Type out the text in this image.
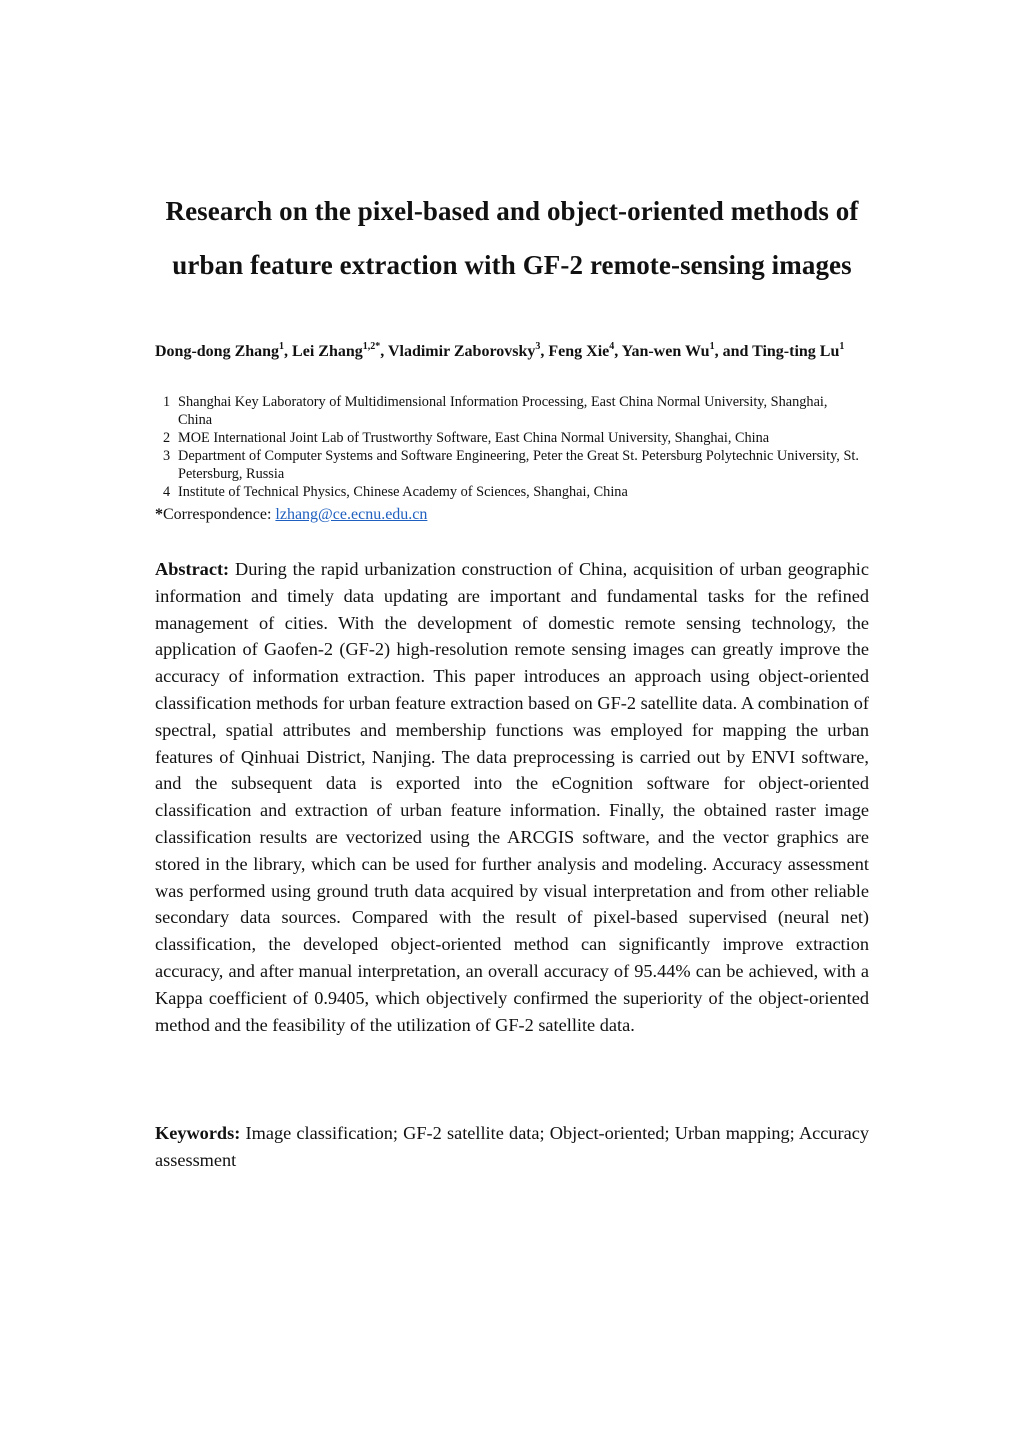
Research on the pixel-based and object-oriented methods of
urban feature extraction with GF-2 remote-sensing images
Dong-dong Zhang$^1$, Lei Zhang$^{1,2*}$, Vladimir Zaborovsky$^3$, Feng Xie$^4$, Yan-wen Wu$^1$, and Ting-ting Lu$^1$

1 Shanghai Key Laboratory of Multidimensional Information Processing, East China Normal University, Shanghai, China

2 MOE International Joint Lab of Trustworthy Software, East China Normal University, Shanghai, China

3 Department of Computer Systems and Software Engineering, Peter the Great St. Petersburg Polytechnic University, St. Petersburg, Russia

4 Institute of Technical Physics, Chinese Academy of Sciences, Shanghai, China

*Correspondence: lzhang@ce.ecnu.edu.cn

Abstract: During the rapid urbanization construction of China, acquisition of urban geographic information and timely data updating are important and fundamental tasks for the refined management of cities. With the development of domestic remote sensing technology, the application of Gaofen-2 (GF-2) high-resolution remote sensing images can greatly improve the accuracy of information extraction. This paper introduces an approach using object-oriented classification methods for urban feature extraction based on GF-2 satellite data. A combination of spectral, spatial attributes and membership functions was employed for mapping the urban features of Qinhuai District, Nanjing. The data preprocessing is carried out by ENVI software, and the subsequent data is exported into the eCognition software for object-oriented classification and extraction of urban feature information. Finally, the obtained raster image classification results are vectorized using the ARCGIS software, and the vector graphics are stored in the library, which can be used for further analysis and modeling. Accuracy assessment was performed using ground truth data acquired by visual interpretation and from other reliable secondary data sources. Compared with the result of pixel-based supervised (neural net) classification, the developed object-oriented method can significantly improve extraction accuracy, and after manual interpretation, an overall accuracy of 95.44% can be achieved, with a Kappa coefficient of 0.9405, which objectively confirmed the superiority of the object-oriented method and the feasibility of the utilization of GF-2 satellite data.

Keywords: Image classification; GF-2 satellite data; Object-oriented; Urban mapping; Accuracy assessment
